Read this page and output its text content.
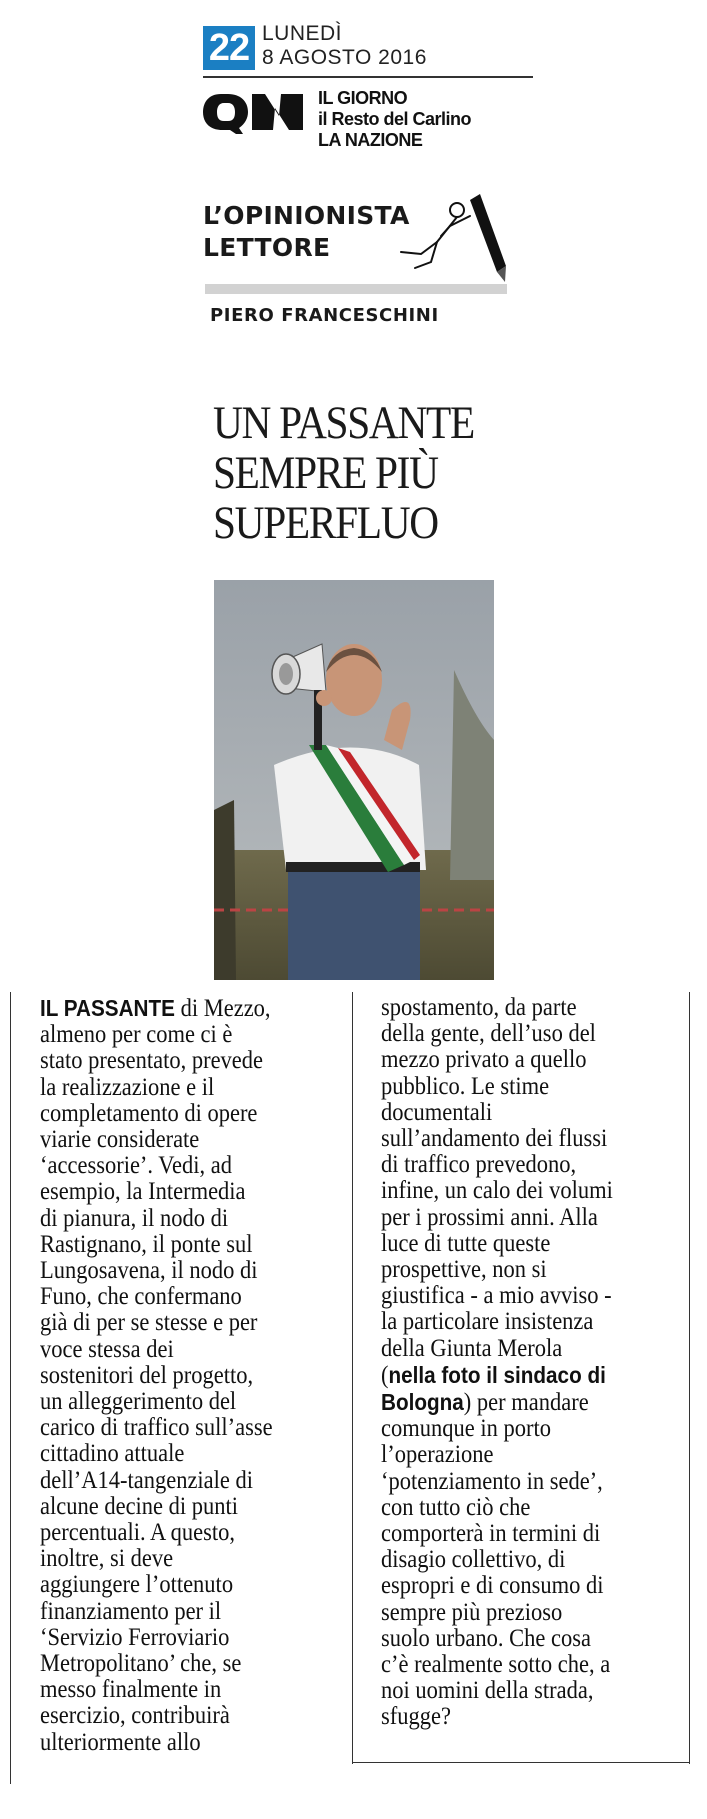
22 LUNEDÌ
8 AGOSTO 2016
IL GIORNO
il Resto del Carlino
LA NAZIONE
L’OPINIONISTA
LETTORE
PIERO FRANCESCHINI
UN PASSANTE
SEMPRE PIÙ
SUPERFLUO
IL PASSANTE di Mezzo,
almeno per come ci è
stato presentato, prevede
la realizzazione e il
completamento di opere
viarie considerate
‘accessorie’. Vedi, ad
esempio, la Intermedia
di pianura, il nodo di
Rastignano, il ponte sul
Lungosavena, il nodo di
Funo, che confermano
già di per se stesse e per
voce stessa dei
sostenitori del progetto,
un alleggerimento del
carico di traffico sull’asse
cittadino attuale
dell’A14-tangenziale di
alcune decine di punti
percentuali. A questo,
inoltre, si deve
aggiungere l’ottenuto
finanziamento per il
‘Servizio Ferroviario
Metropolitano’ che, se
messo finalmente in
esercizio, contribuirà
ulteriormente allo
spostamento, da parte
della gente, dell’uso del
mezzo privato a quello
pubblico. Le stime
documentali
sull’andamento dei flussi
di traffico prevedono,
infine, un calo dei volumi
per i prossimi anni. Alla
luce di tutte queste
prospettive, non si
giustifica - a mio avviso -
la particolare insistenza
della Giunta Merola
(nella foto il sindaco di
Bologna) per mandare
comunque in porto
l’operazione
‘potenziamento in sede’,
con tutto ciò che
comporterà in termini di
disagio collettivo, di
espropri e di consumo di
sempre più prezioso
suolo urbano. Che cosa
c’è realmente sotto che, a
noi uomini della strada,
sfugge?
